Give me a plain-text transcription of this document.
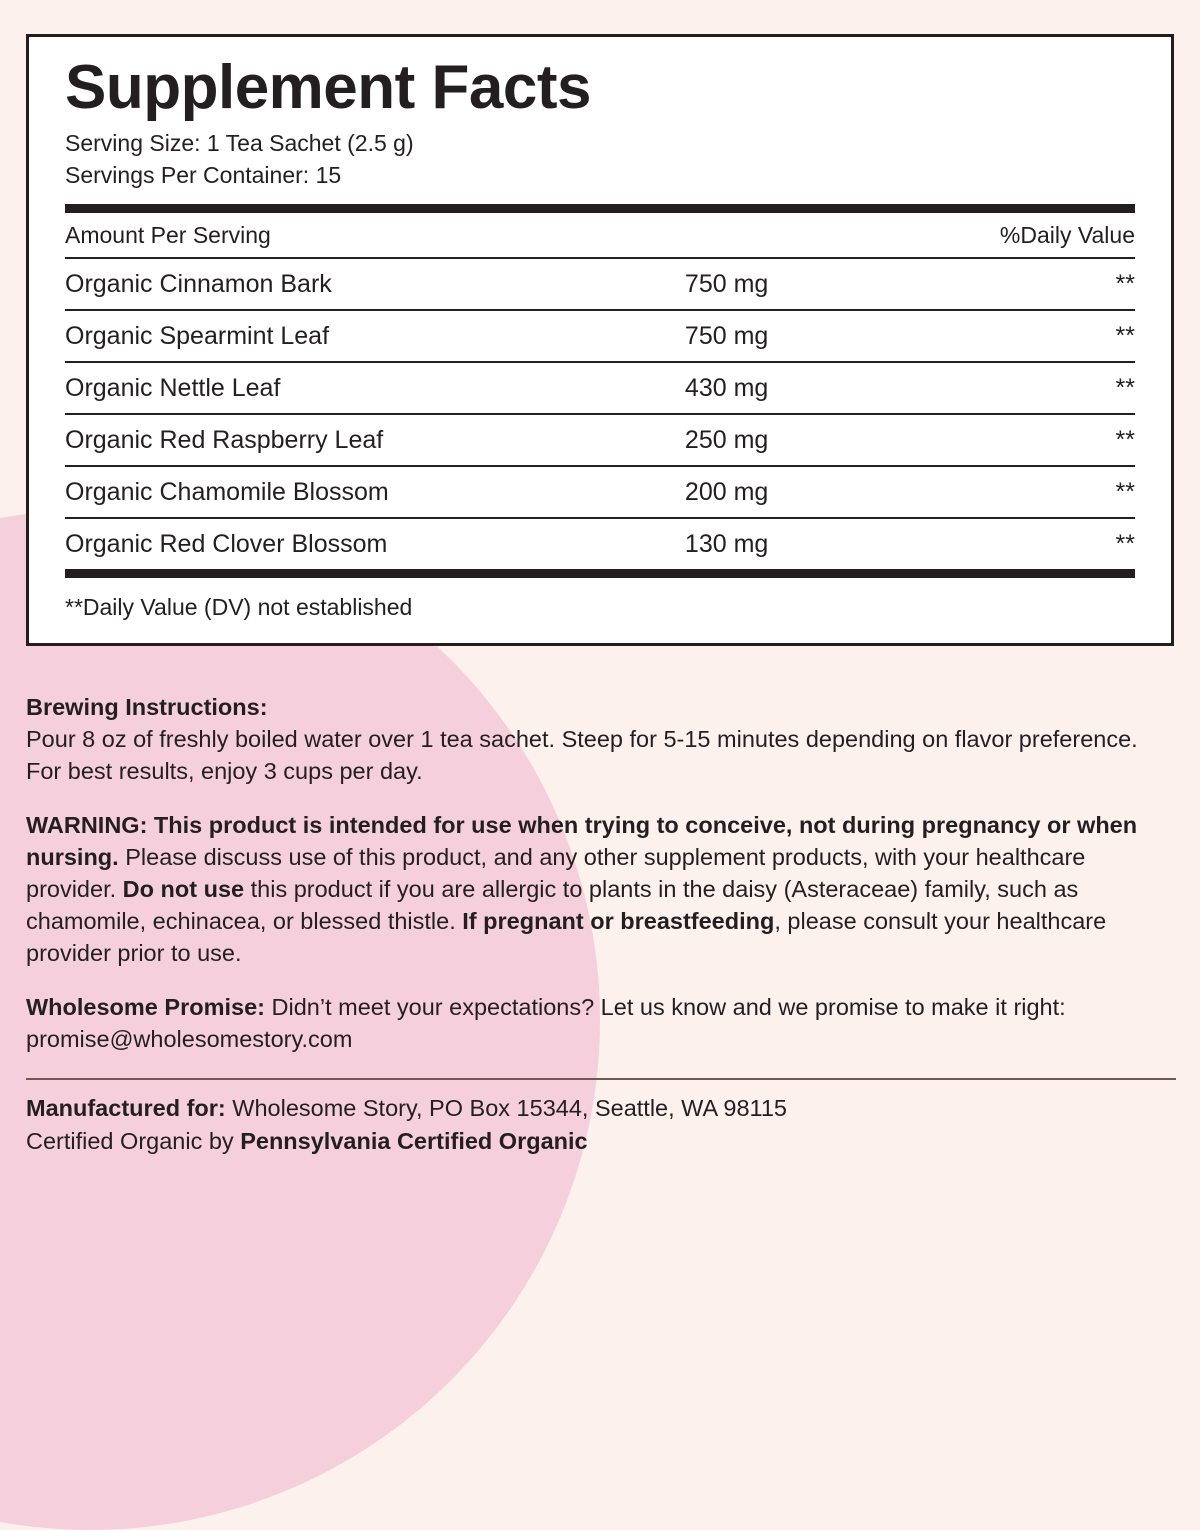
Supplement Facts
Serving Size: 1 Tea Sachet (2.5 g)
Servings Per Container: 15
Amount Per Serving		%Daily Value

Organic Cinnamon Bark	750 mg	**

Organic Spearmint Leaf	750 mg	**

Organic Nettle Leaf	430 mg	**

Organic Red Raspberry Leaf	250 mg	**

Organic Chamomile Blossom	200 mg	**

Organic Red Clover Blossom	130 mg	**
**Daily Value (DV) not established
Brewing Instructions:
Pour 8 oz of freshly boiled water over 1 tea sachet. Steep for 5-15 minutes depending on flavor preference. For best results, enjoy 3 cups per day.
WARNING: This product is intended for use when trying to conceive, not during pregnancy or when nursing. Please discuss use of this product, and any other supplement products, with your healthcare provider. Do not use this product if you are allergic to plants in the daisy (Asteraceae) family, such as chamomile, echinacea, or blessed thistle. If pregnant or breastfeeding, please consult your healthcare provider prior to use.
Wholesome Promise: Didn’t meet your expectations? Let us know and we promise to make it right: promise@wholesomestory.com
Manufactured for: Wholesome Story, PO Box 15344, Seattle, WA 98115
Certified Organic by Pennsylvania Certified Organic
